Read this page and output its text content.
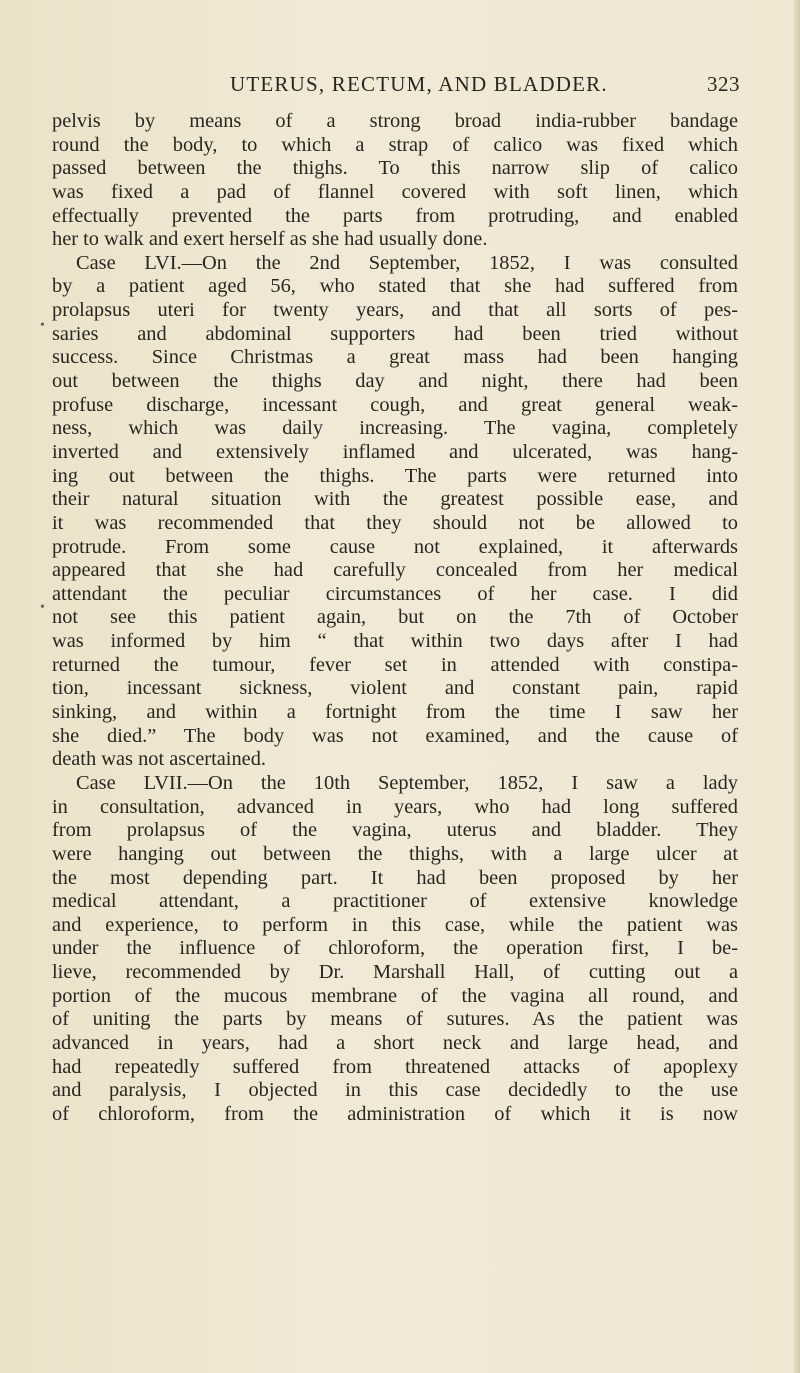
UTERUS, RECTUM, AND BLADDER.	323
pelvis by means of a strong broad india-rubber bandage
round the body, to which a strap of calico was fixed which
passed between the thighs. To this narrow slip of calico
was fixed a pad of flannel covered with soft linen, which
effectually prevented the parts from protruding, and enabled
her to walk and exert herself as she had usually done.
Case LVI.—On the 2nd September, 1852, I was consulted
by a patient aged 56, who stated that she had suffered from
prolapsus uteri for twenty years, and that all sorts of pes-
saries and abdominal supporters had been tried without
success. Since Christmas a great mass had been hanging
out between the thighs day and night, there had been
profuse discharge, incessant cough, and great general weak-
ness, which was daily increasing. The vagina, completely
inverted and extensively inflamed and ulcerated, was hang-
ing out between the thighs. The parts were returned into
their natural situation with the greatest possible ease, and
it was recommended that they should not be allowed to
protrude. From some cause not explained, it afterwards
appeared that she had carefully concealed from her medical
attendant the peculiar circumstances of her case. I did
not see this patient again, but on the 7th of October
was informed by him “ that within two days after I had
returned the tumour, fever set in attended with constipa-
tion, incessant sickness, violent and constant pain, rapid
sinking, and within a fortnight from the time I saw her
she died.” The body was not examined, and the cause of
death was not ascertained.
Case LVII.—On the 10th September, 1852, I saw a lady
in consultation, advanced in years, who had long suffered
from prolapsus of the vagina, uterus and bladder. They
were hanging out between the thighs, with a large ulcer at
the most depending part. It had been proposed by her
medical attendant, a practitioner of extensive knowledge
and experience, to perform in this case, while the patient was
under the influence of chloroform, the operation first, I be-
lieve, recommended by Dr. Marshall Hall, of cutting out a
portion of the mucous membrane of the vagina all round, and
of uniting the parts by means of sutures. As the patient was
advanced in years, had a short neck and large head, and
had repeatedly suffered from threatened attacks of apoplexy
and paralysis, I objected in this case decidedly to the use
of chloroform, from the administration of which it is now
•
•
